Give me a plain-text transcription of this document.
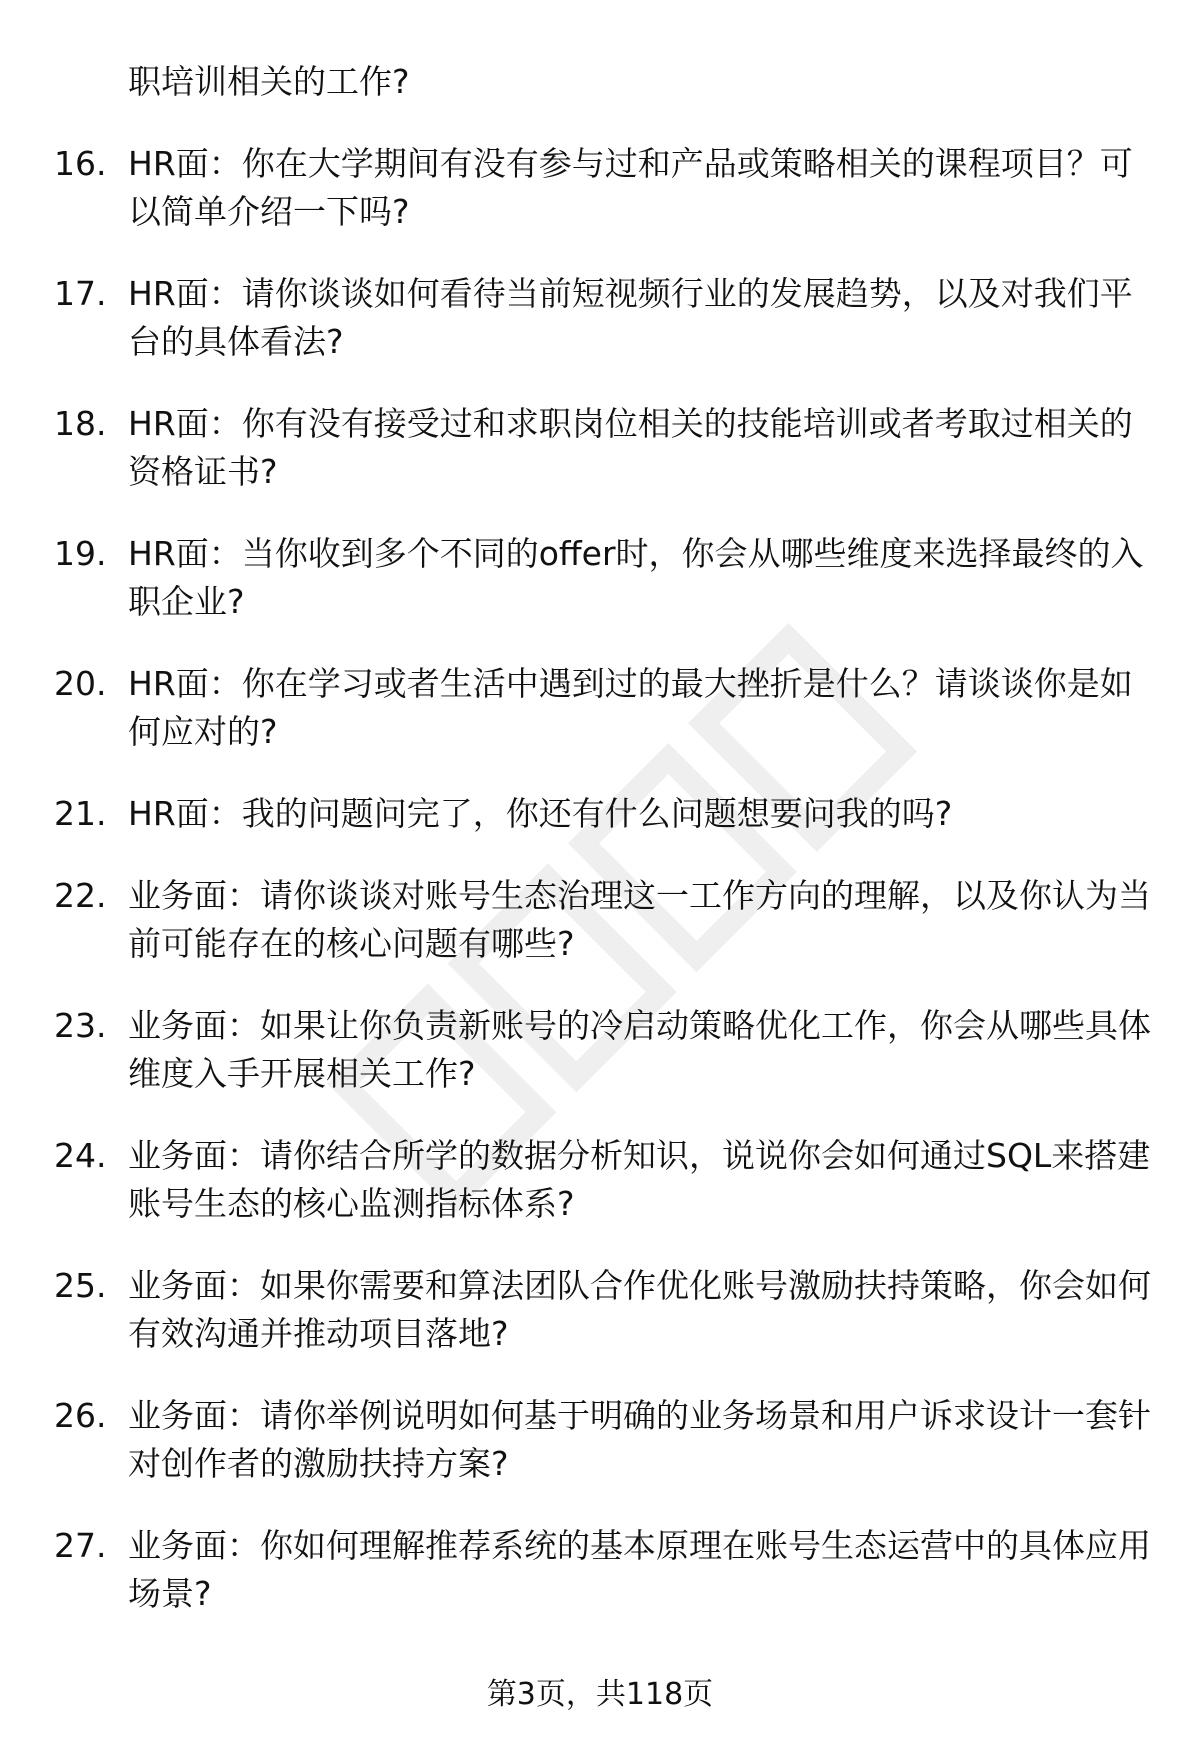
职培训相关的工作?
16. HR面：你在大学期间有没有参与过和产品或策略相关的课程项目？可以简单介绍一下吗?
17. HR面：请你谈谈如何看待当前短视频行业的发展趋势，以及对我们平台的具体看法?
18. HR面：你有没有接受过和求职岗位相关的技能培训或者考取过相关的资格证书?
19. HR面：当你收到多个不同的offer时，你会从哪些维度来选择最终的入职企业?
20. HR面：你在学习或者生活中遇到过的最大挫折是什么？请谈谈你是如何应对的?
21. HR面：我的问题问完了，你还有什么问题想要问我的吗?
22. 业务面：请你谈谈对账号生态治理这一工作方向的理解，以及你认为当前可能存在的核心问题有哪些?
23. 业务面：如果让你负责新账号的冷启动策略优化工作，你会从哪些具体维度入手开展相关工作?
24. 业务面：请你结合所学的数据分析知识，说说你会如何通过SQL来搭建账号生态的核心监测指标体系?
25. 业务面：如果你需要和算法团队合作优化账号激励扶持策略，你会如何有效沟通并推动项目落地?
26. 业务面：请你举例说明如何基于明确的业务场景和用户诉求设计一套针对创作者的激励扶持方案?
27. 业务面：你如何理解推荐系统的基本原理在账号生态运营中的具体应用场景?
第3页，共118页
